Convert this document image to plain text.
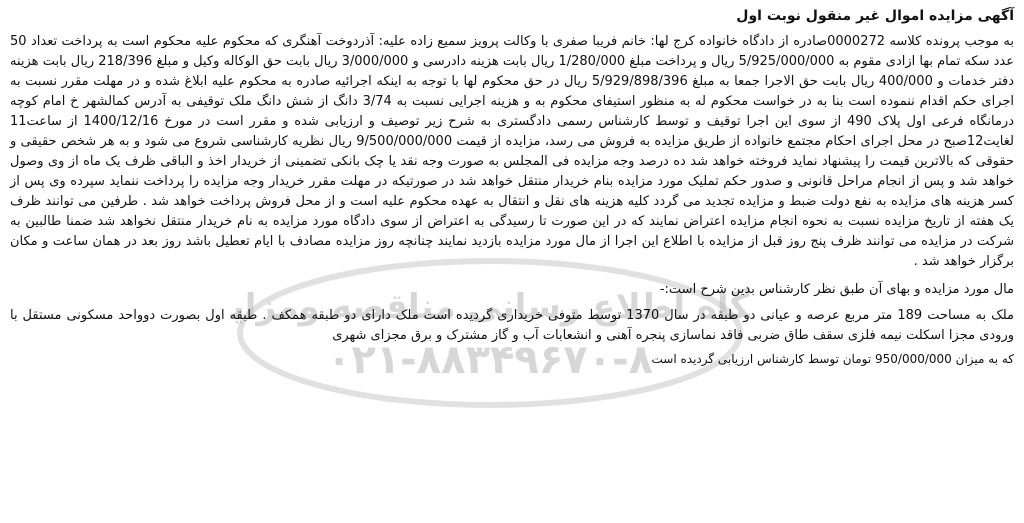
گاه اطلاع رسانی مناقصه ومزای
۰۲۱-۸۸۳۴۹۶۷۰-۸
آگهی مزایده اموال غیر منقول نوبت اول

به موجب پرونده کلاسه 0000272صادره از دادگاه خانواده کرج لها: خانم فریبا صفری با وکالت پرویز سمیع زاده علیه: آذردوخت آهنگری که محکوم علیه محکوم است به پرداخت تعداد 50 عدد سکه تمام بها ازادی مقوم به 5/925/000/000 ریال و پرداخت مبلغ 1/280/000 ریال بابت هزینه دادرسی و 3/000/000 ریال بابت حق الوکاله وکیل و مبلغ 218/396 ریال بابت هزینه دفتر خدمات و 400/000 ریال بابت حق الاجرا جمعا به مبلغ 5/929/898/396 ریال در حق محکوم لها با توجه به اینکه اجرائیه صادره به محکوم علیه ابلاغ شده و در مهلت مقرر نسبت به اجرای حکم اقدام ننموده است بنا به در خواست محکوم له به منظور استیفای محکوم به و هزینه اجرایی نسبت به 3/74 دانگ از شش دانگ ملک توقیفی به آدرس کمالشهر خ امام کوچه درمانگاه فرعی اول پلاک 490 از سوی این اجرا توقیف و توسط کارشناس رسمی دادگستری به شرح زیر توصیف و ارزیابی شده و مقرر است در مورخ 1400/12/16 از ساعت11 لغایت12صبح در محل اجرای احکام مجتمع خانواده از طریق مزایده به فروش می رسد، مزایده از قیمت 9/500/000/000 ریال نظریه کارشناسی شروع می شود و به هر شخص حقیقی و حقوقی که بالاترین قیمت را پیشنهاد نماید فروخته خواهد شد ده درصد وجه مزایده فی المجلس به صورت وجه نقد یا چک بانکی تضمینی از خریدار اخذ و الباقی ظرف یک ماه از وی وصول خواهد شد و پس از انجام مراحل قانونی و صدور حکم تملیک مورد مزایده بنام خریدار منتقل خواهد شد در صورتیکه در مهلت مقرر خریدار وجه مزایده را پرداخت ننماید سپرده وی پس از کسر هزینه های مزایده به نفع دولت ضبط و مزایده تجدید می گردد کلیه هزینه های نقل و انتقال به عهده محکوم علیه است و از محل فروش پرداخت خواهد شد . طرفین می توانند ظرف یک هفته از تاریخ مزایده نسبت به نحوه انجام مزایده اعتراض نمایند که در این صورت تا رسیدگی به اعتراض از سوی دادگاه مورد مزایده به نام خریدار منتقل نخواهد شد ضمنا طالبین به شرکت در مزایده می توانند ظرف پنج روز قبل از مزایده با اطلاع این اجرا از مال مورد مزایده بازدید نمایند چنانچه روز مزایده مصادف با ایام تعطیل باشد روز بعد در همان ساعت و مکان برگزار خواهد شد .

مال مورد مزایده و بهای آن طبق نظر کارشناس بدین شرح است:-

ملک به مساحت 189 متر مربع عرصه و عیانی دو طبقه در سال 1370 توسط متوفی خریداری گردیده است ملک دارای دو طبقه همکف . طبقه اول بصورت دوواحد مسکونی مستقل با ورودی مجزا اسکلت نیمه فلزی سقف طاق ضربی فاقد نماسازی پنجره آهنی و انشعابات آب و گاز مشترک و برق مجزای شهری

که به میزان 950/000/000 تومان توسط کارشناس ارزیابی گردیده است
